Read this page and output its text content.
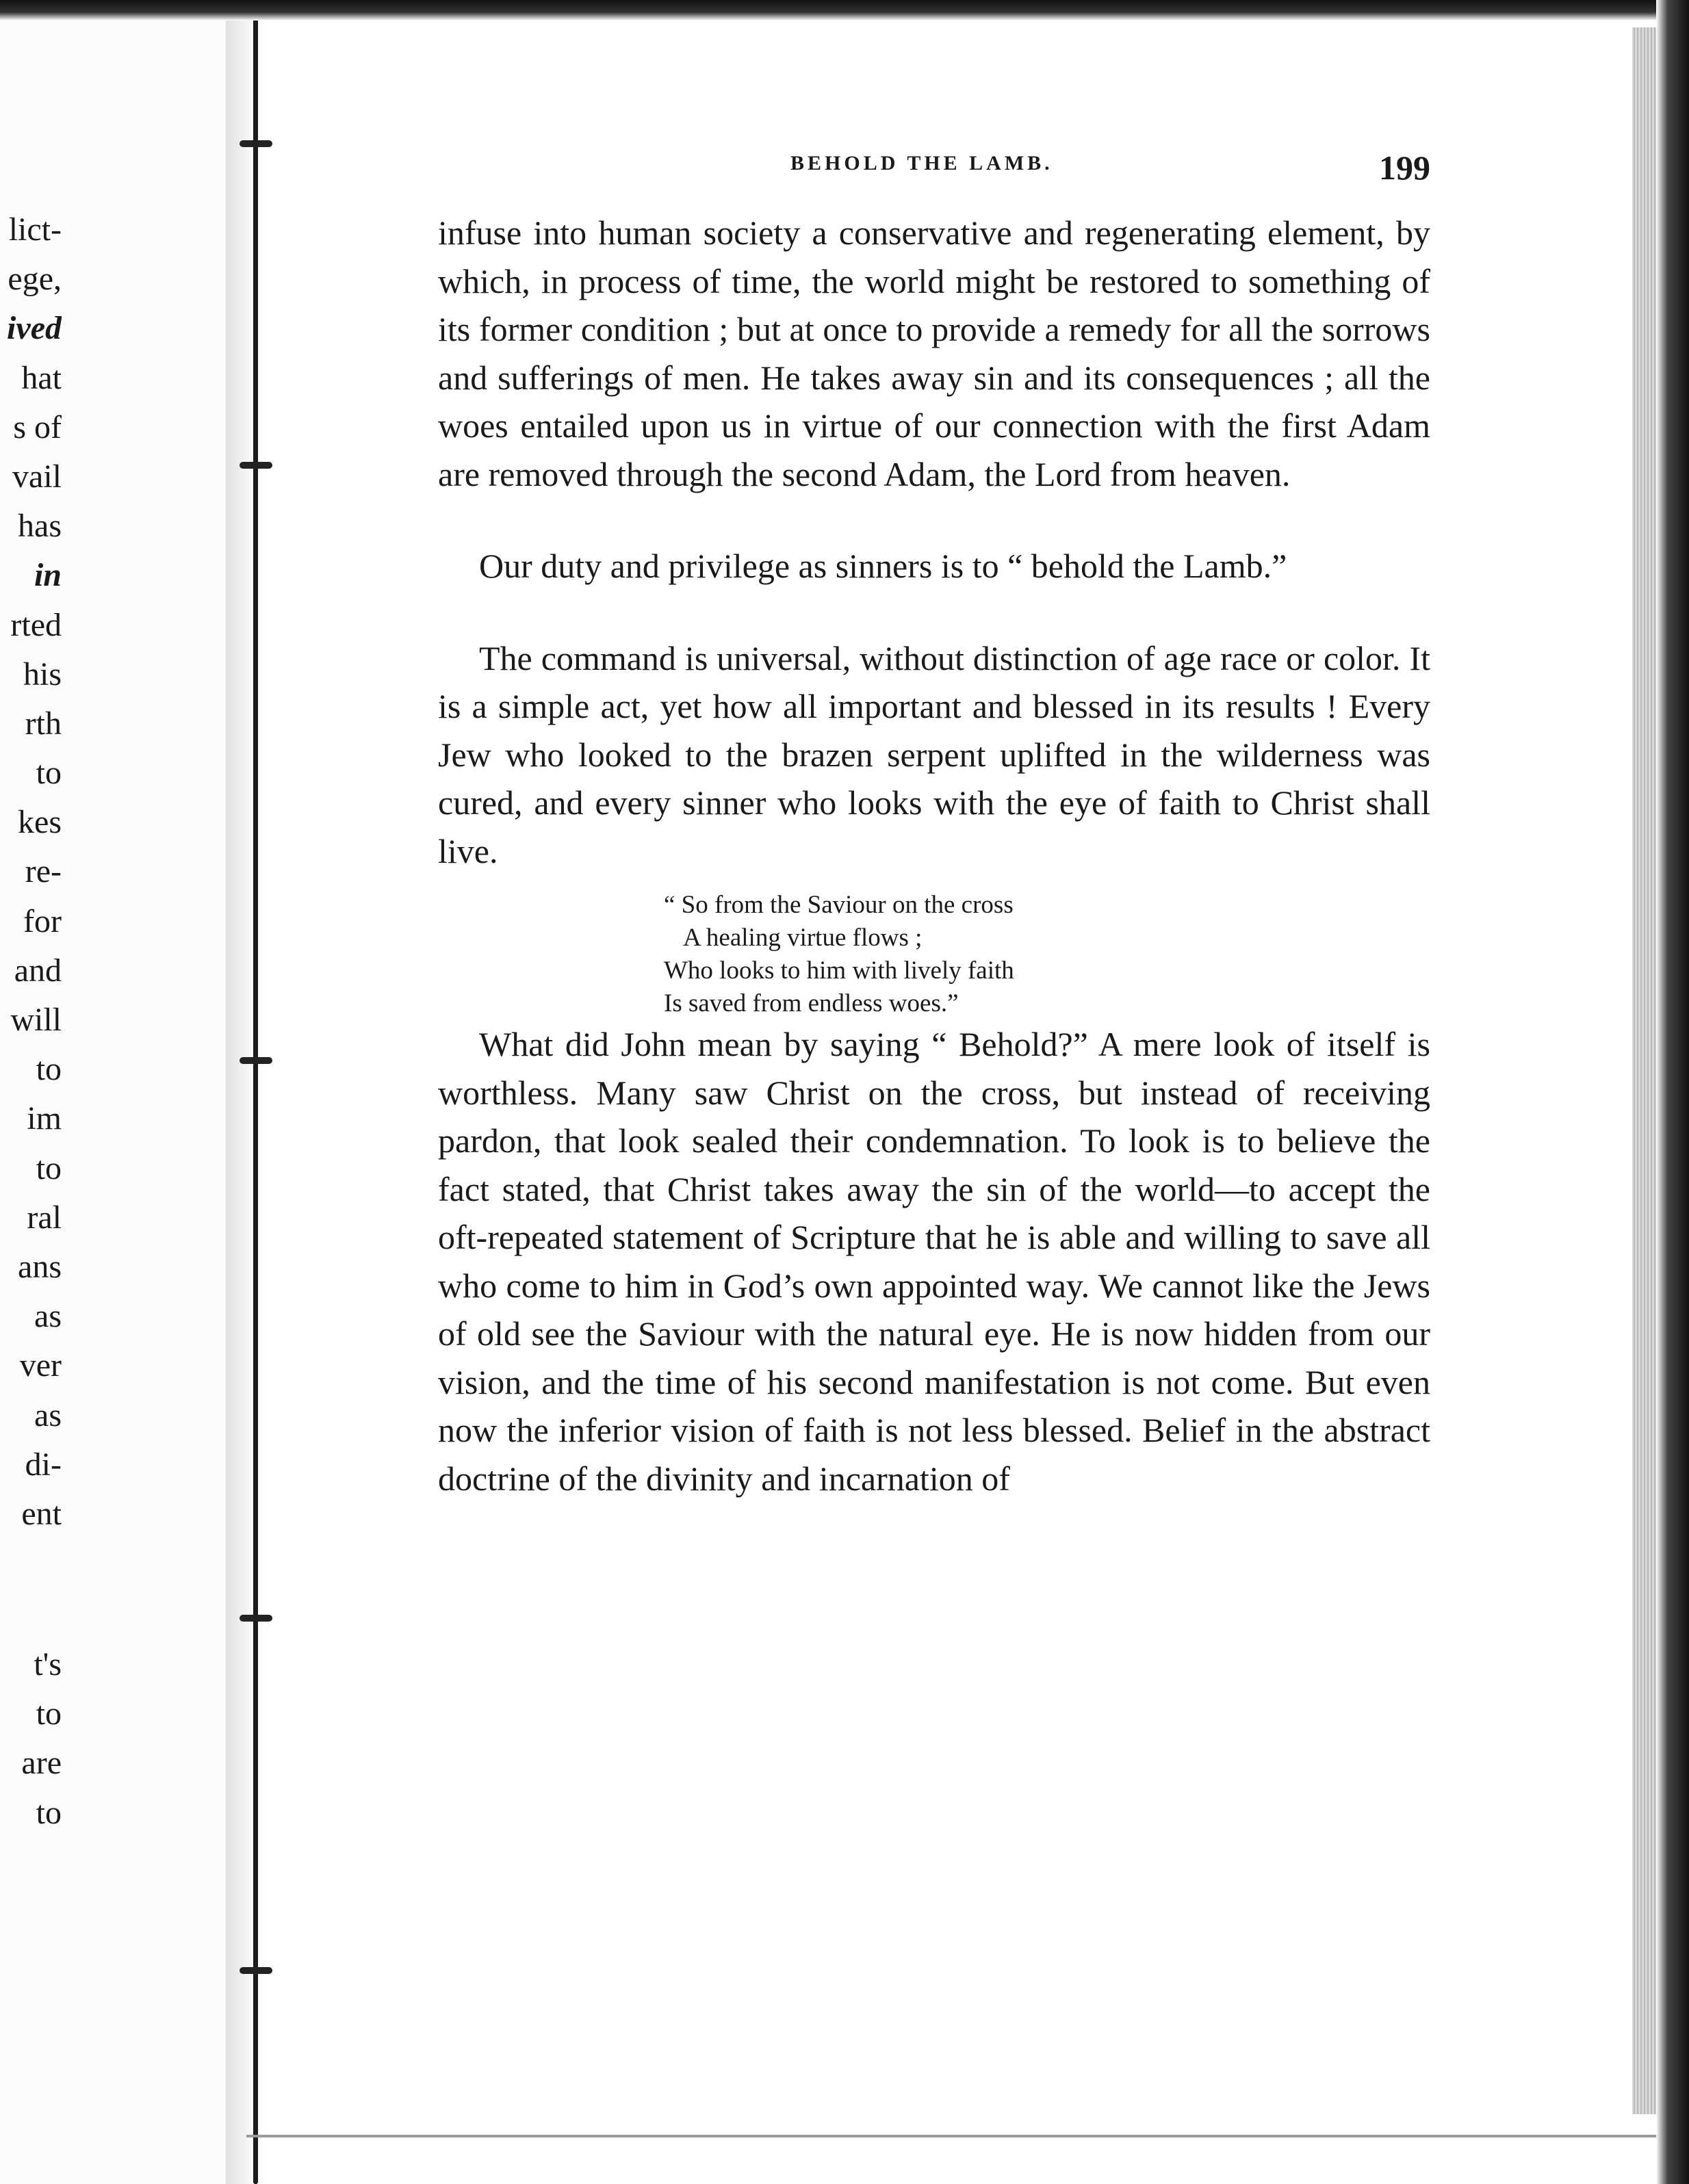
lict-
ege,
ived
hat
s of
vail
has
in
rted
his
rth
to
kes
re-
for
and
will
to
im
to
ral
ans
as
ver
as
di-
ent
t's
to
are
to
BEHOLD THE LAMB.	199

infuse into human society a conservative and regenerating element, by which, in process of time, the world might be restored to something of its former condition ; but at once to provide a remedy for all the sorrows and sufferings of men. He takes away sin and its consequences ; all the woes entailed upon us in virtue of our connection with the first Adam are removed through the second Adam, the Lord from heaven.

Our duty and privilege as sinners is to “ behold the Lamb.”

The command is universal, without distinction of age race or color. It is a simple act, yet how all important and blessed in its results ! Every Jew who looked to the brazen serpent uplifted in the wilderness was cured, and every sinner who looks with the eye of faith to Christ shall live.

“ So from the Saviour on the cross
A healing virtue flows ;
Who looks to him with lively faith
Is saved from endless woes.”

What did John mean by saying “ Behold?” A mere look of itself is worthless. Many saw Christ on the cross, but instead of receiving pardon, that look sealed their condemnation. To look is to believe the fact stated, that Christ takes away the sin of the world—to accept the oft-repeated statement of Scripture that he is able and willing to save all who come to him in God’s own appointed way. We cannot like the Jews of old see the Saviour with the natural eye. He is now hidden from our vision, and the time of his second manifestation is not come. But even now the inferior vision of faith is not less blessed. Belief in the abstract doctrine of the divinity and incarnation of
